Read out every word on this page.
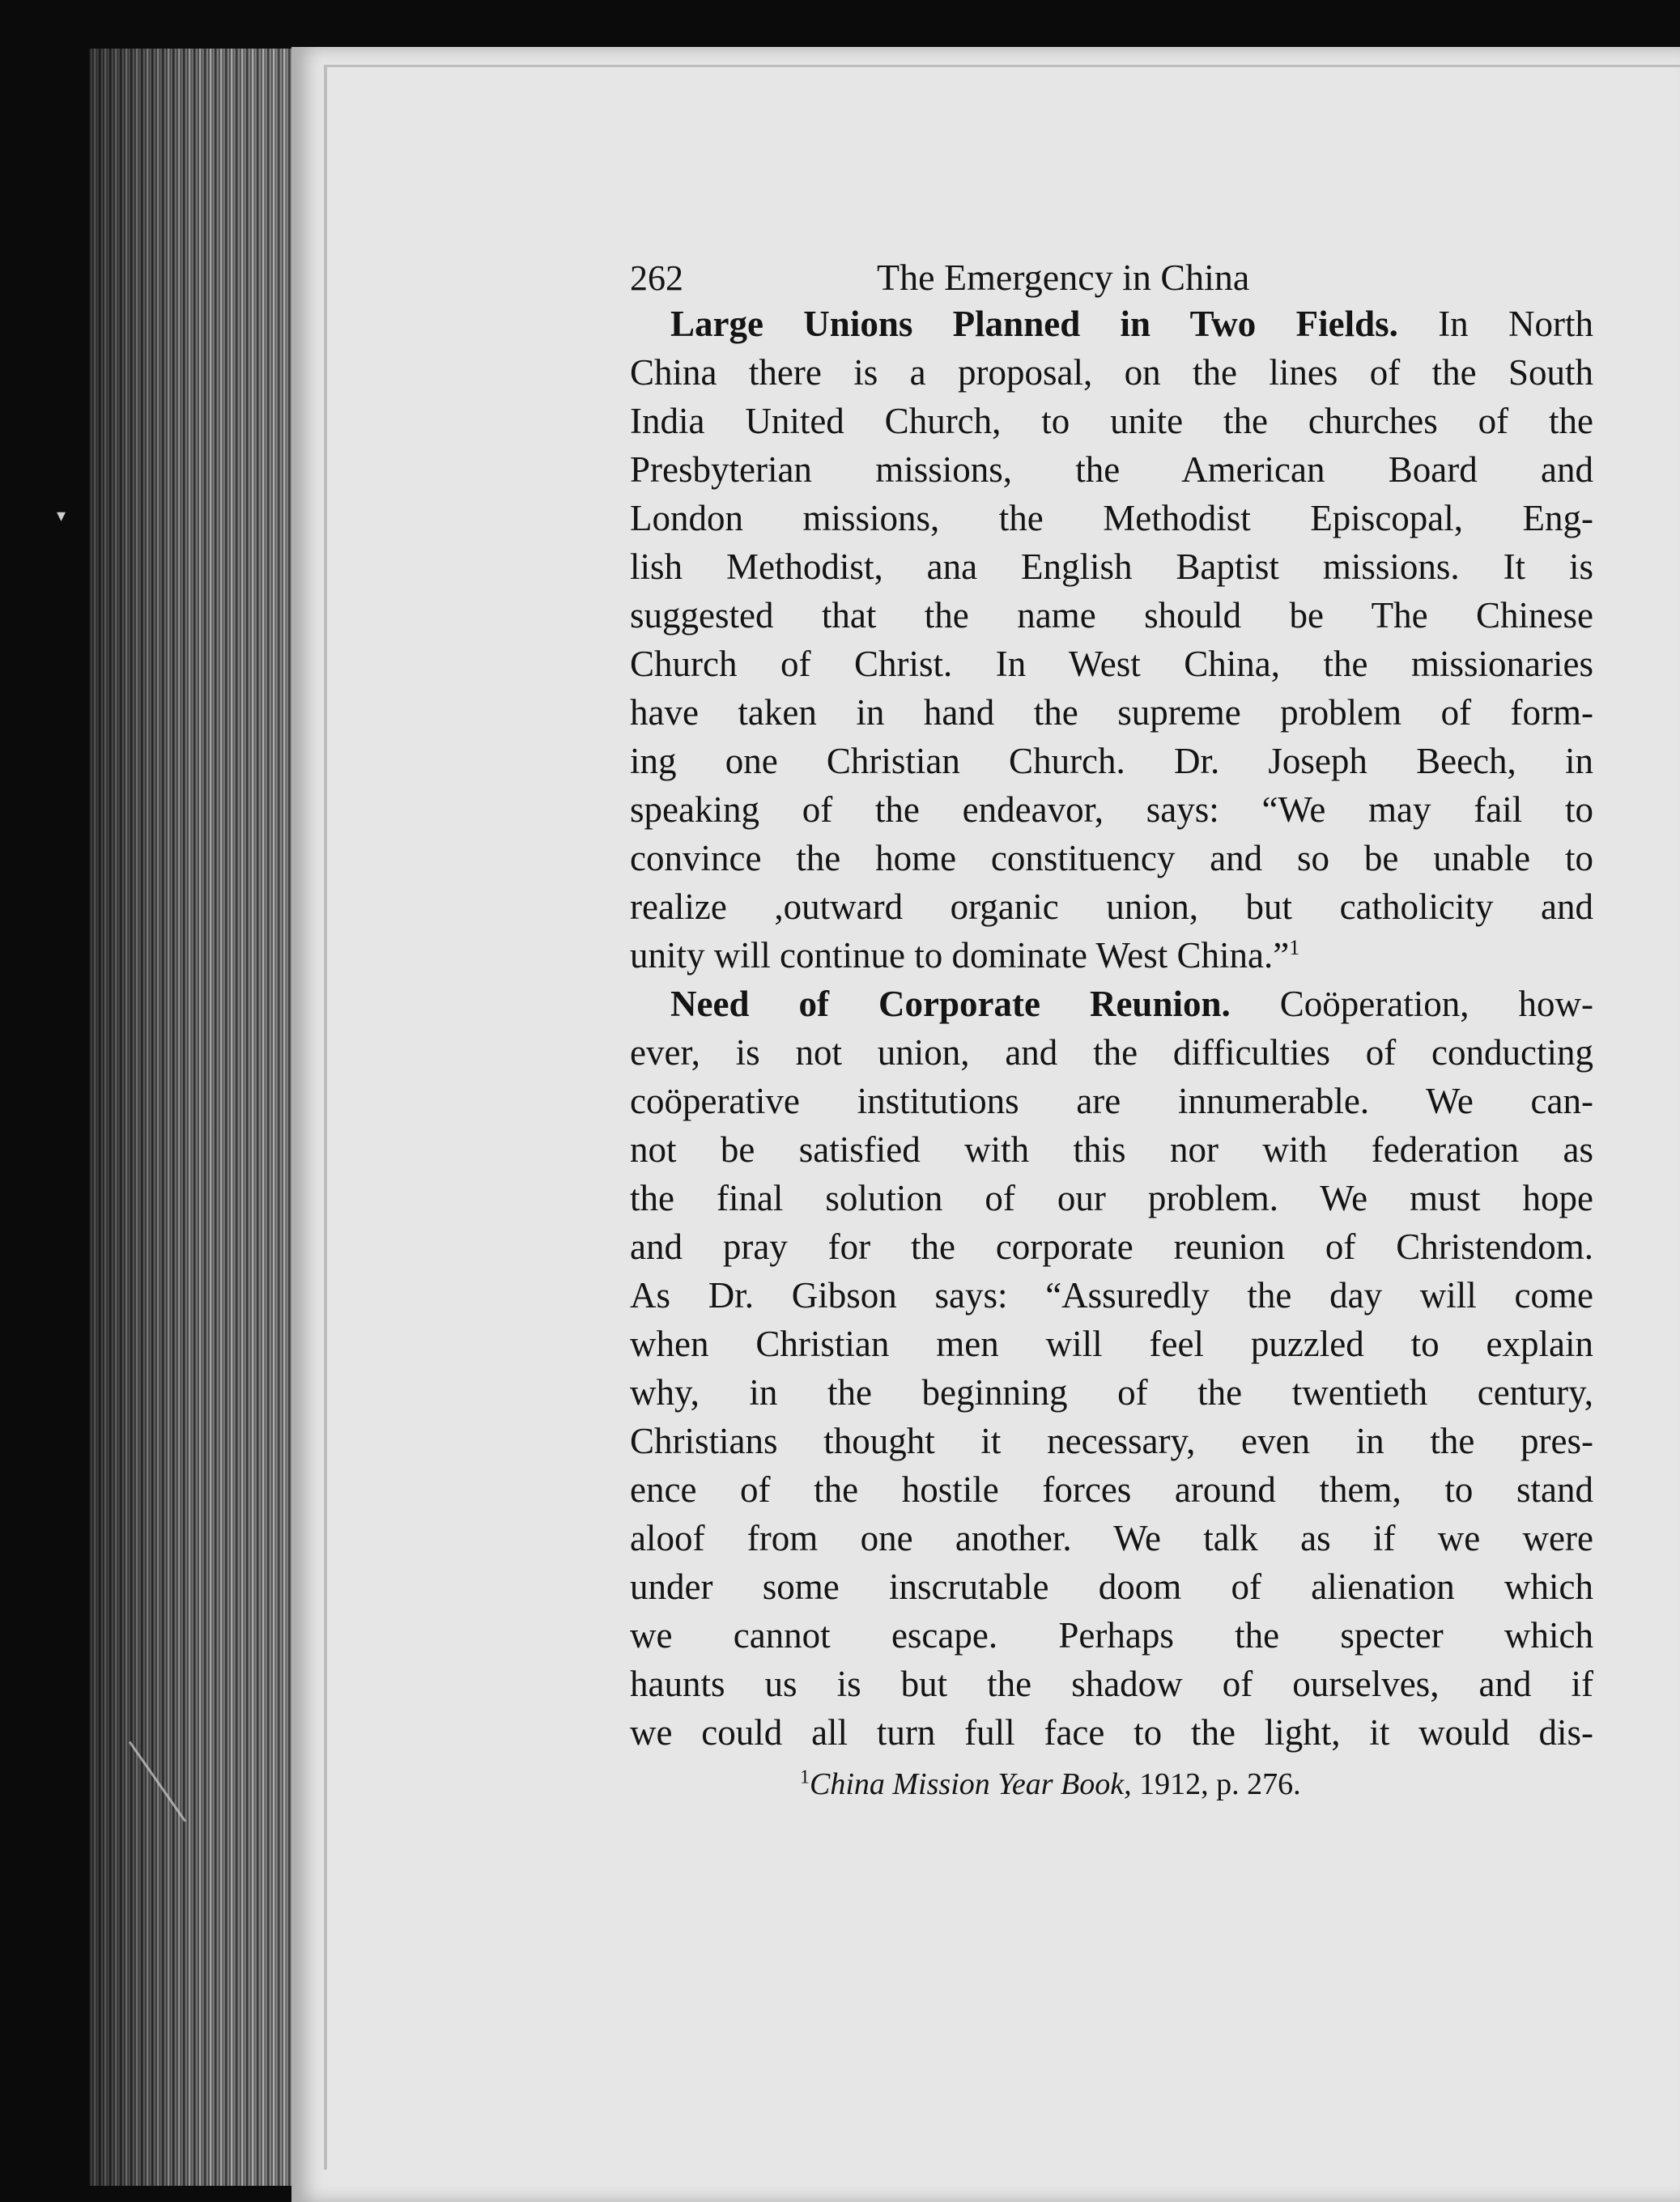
▾
262	The Emergency in China
Large Unions Planned in Two Fields. In North
China there is a proposal, on the lines of the South
India United Church, to unite the churches of the
Presbyterian missions, the American Board and
London missions, the Methodist Episcopal, Eng-
lish Methodist, ana English Baptist missions. It is
suggested that the name should be The Chinese
Church of Christ. In West China, the missionaries
have taken in hand the supreme problem of form-
ing one Christian Church. Dr. Joseph Beech, in
speaking of the endeavor, says: “We may fail to
convince the home constituency and so be unable to
realize ,outward organic union, but catholicity and
unity will continue to dominate West China.”$^1$
Need of Corporate Reunion. Coöperation, how-
ever, is not union, and the difficulties of conducting
coöperative institutions are innumerable. We can-
not be satisfied with this nor with federation as
the final solution of our problem. We must hope
and pray for the corporate reunion of Christendom.
As Dr. Gibson says: “Assuredly the day will come
when Christian men will feel puzzled to explain
why, in the beginning of the twentieth century,
Christians thought it necessary, even in the pres-
ence of the hostile forces around them, to stand
aloof from one another. We talk as if we were
under some inscrutable doom of alienation which
we cannot escape. Perhaps the specter which
haunts us is but the shadow of ourselves, and if
we could all turn full face to the light, it would dis-
$^1$China Mission Year Book, 1912, p. 276.
